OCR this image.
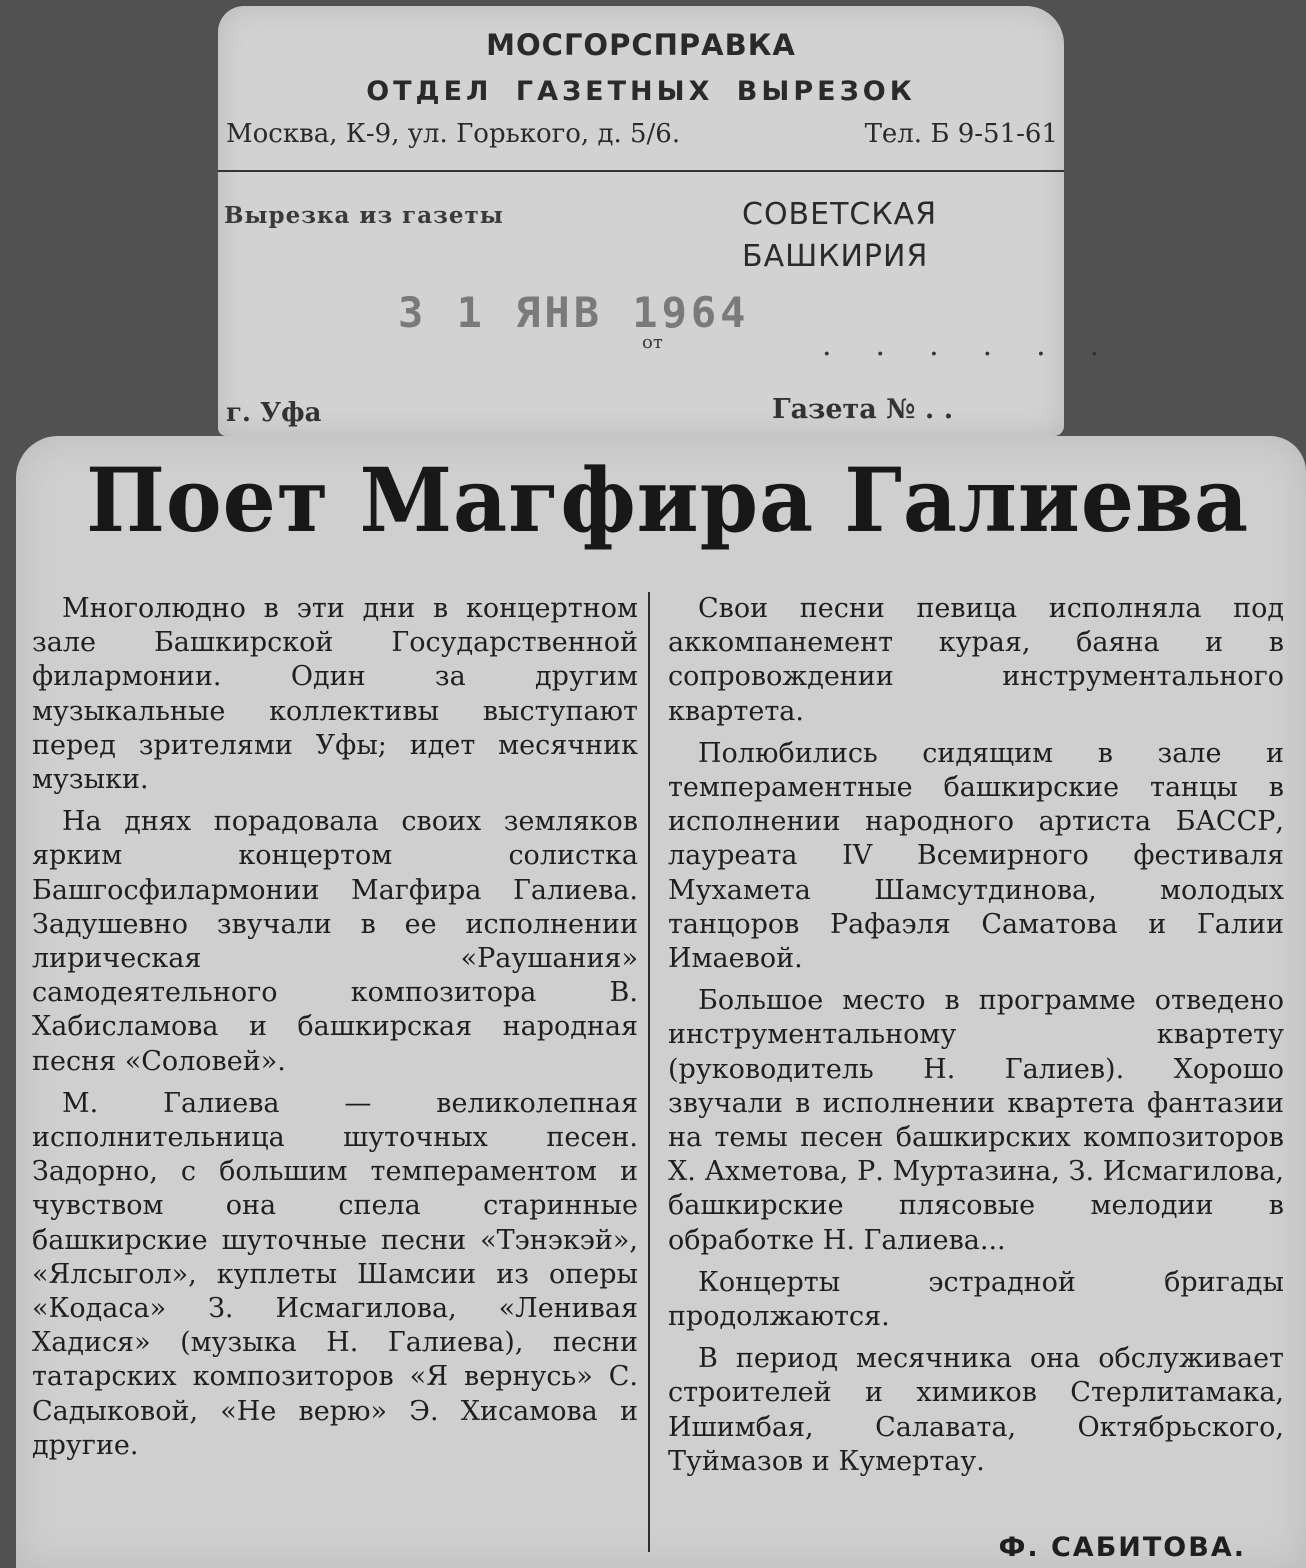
МОСГОРСПРАВКА
ОТДЕЛ ГАЗЕТНЫХ ВЫРЕЗОК
Москва, К-9, ул. Горького, д. 5/6.	Тел. Б 9-51-61
Вырезка из газеты	СОВЕТСКАЯ
БАШКИРИЯ
3 1 ЯНВ 1964
от	......
г. Уфа	Газета № . .
Поет Магфира Галиева

Многолюдно в эти дни в концертном зале Башкирской Государственной филармонии. Один за другим музыкальные коллективы выступают перед зрителями Уфы; идет месячник музыки.

На днях порадовала своих земляков ярким концертом солистка Башгосфилармонии Магфира Галиева. Задушевно звучали в ее исполнении лирическая «Раушания» самодеятельного композитора В. Хабисламова и башкирская народная песня «Соловей».

М. Галиева — великолепная исполнительница шуточных песен. Задорно, с большим темпераментом и чувством она спела старинные башкирские шуточные песни «Тэнэкэй», «Ялсыгол», куплеты Шамсии из оперы «Кодаса» З. Исмагилова, «Ленивая Хадися» (музыка Н. Галиева), песни татарских композиторов «Я вернусь» С. Садыковой, «Не верю» Э. Хисамова и другие.

Свои песни певица исполняла под аккомпанемент курая, баяна и в сопровождении инструментального квартета.

Полюбились сидящим в зале и темпераментные башкирские танцы в исполнении народного артиста БАССР, лауреата IV Всемирного фестиваля Мухамета Шамсутдинова, молодых танцоров Рафаэля Саматова и Галии Имаевой.

Большое место в программе отведено инструментальному квартету (руководитель Н. Галиев). Хорошо звучали в исполнении квартета фантазии на темы песен башкирских композиторов Х. Ахметова, Р. Муртазина, З. Исмагилова, башкирские плясовые мелодии в обработке Н. Галиева...

Концерты эстрадной бригады продолжаются.

В период месячника она обслуживает строителей и химиков Стерлитамака, Ишимбая, Салавата, Октябрьского, Туймазов и Кумертау.

Ф. САБИТОВА.
